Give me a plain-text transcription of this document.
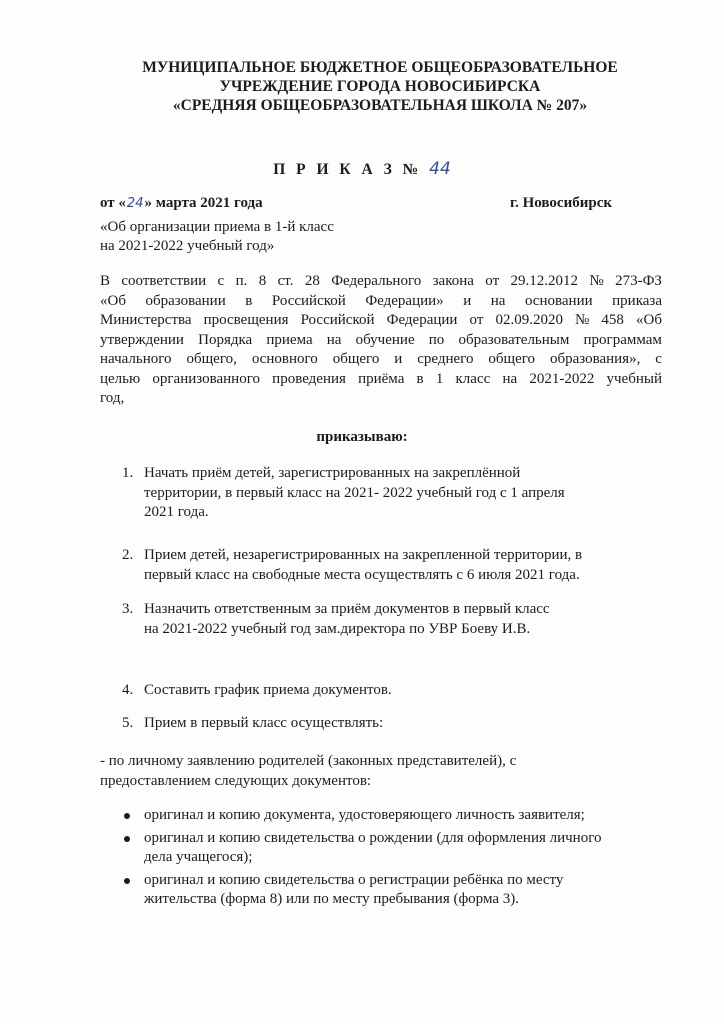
МУНИЦИПАЛЬНОЕ БЮДЖЕТНОЕ ОБЩЕОБРАЗОВАТЕЛЬНОЕ
УЧРЕЖДЕНИЕ ГОРОДА НОВОСИБИРСКА
«СРЕДНЯЯ ОБЩЕОБРАЗОВАТЕЛЬНАЯ ШКОЛА № 207»
П Р И К А З № 44
от «24» марта 2021 года	г. Новосибирск
«Об организации приема в 1-й класс
на 2021-2022 учебный год»
В соответствии с п. 8 ст. 28 Федерального закона от 29.12.2012 № 273-ФЗ
«Об образовании в Российской Федерации» и на основании приказа
Министерства просвещения Российской Федерации от 02.09.2020 № 458 «Об
утверждении Порядка приема на обучение по образовательным программам
начального общего, основного общего и среднего общего образования», с
целью организованного проведения приёма в 1 класс на 2021-2022 учебный
год,
приказываю:
1. Начать приём детей, зарегистрированных на закреплённой
территории, в первый класс на 2021- 2022 учебный год с 1 апреля
2021 года.
2. Прием детей, незарегистрированных на закрепленной территории, в
первый класс на свободные места осуществлять с 6 июля 2021 года.
3. Назначить ответственным за приём документов в первый класс
на 2021-2022 учебный год зам.директора по УВР Боеву И.В.
4. Составить график приема документов.
5. Прием в первый класс осуществлять:
- по личному заявлению родителей (законных представителей), с
предоставлением следующих документов:
оригинал и копию документа, удостоверяющего личность заявителя;
оригинал и копию свидетельства о рождении (для оформления личного
дела учащегося);
оригинал и копию свидетельства о регистрации ребёнка по месту
жительства (форма 8) или по месту пребывания (форма 3).
